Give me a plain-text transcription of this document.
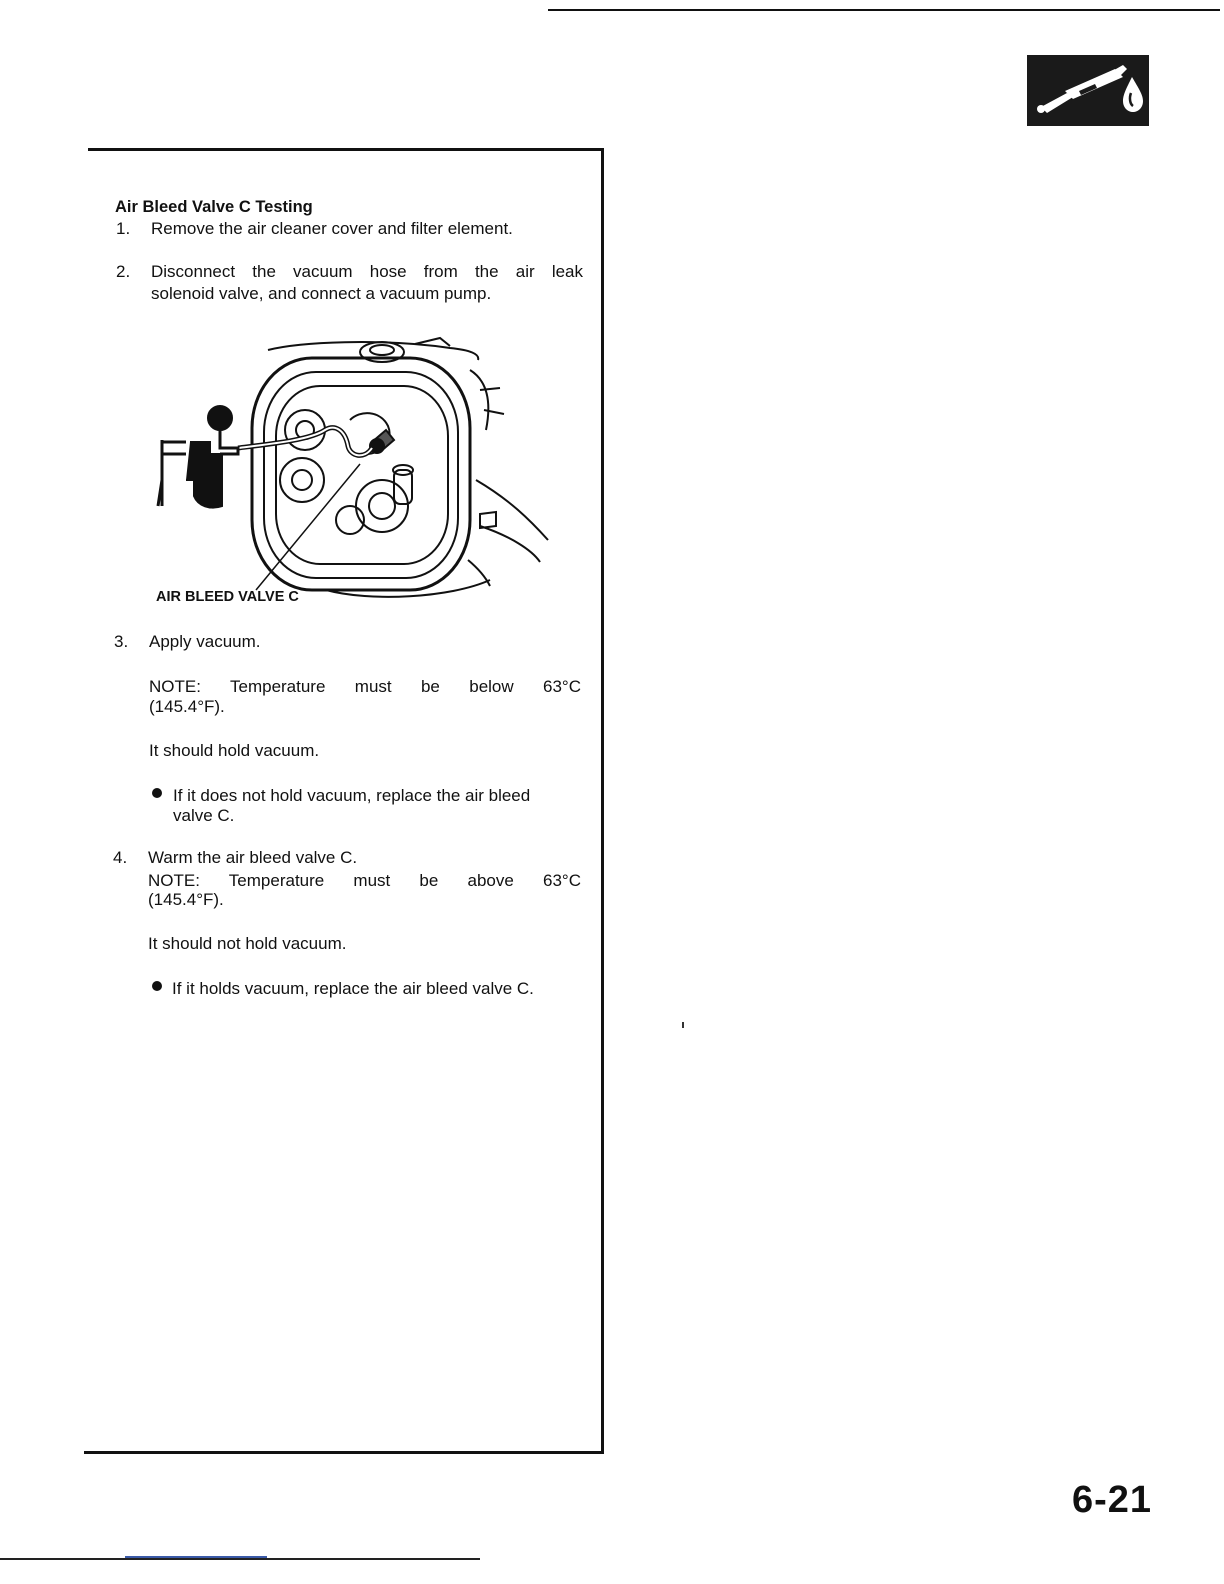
Air Bleed Valve C Testing
1. Remove the air cleaner cover and filter element.
2. Disconnect the vacuum hose from the air leak
solenoid valve, and connect a vacuum pump.
AIR BLEED VALVE C
3. Apply vacuum.
NOTE: Temperature must be below 63°C
(145.4°F).
It should hold vacuum.
If it does not hold vacuum, replace the air bleed
valve C.
4. Warm the air bleed valve C.
NOTE: Temperature must be above 63°C
(145.4°F).
It should not hold vacuum.
If it holds vacuum, replace the air bleed valve C.
6-21
